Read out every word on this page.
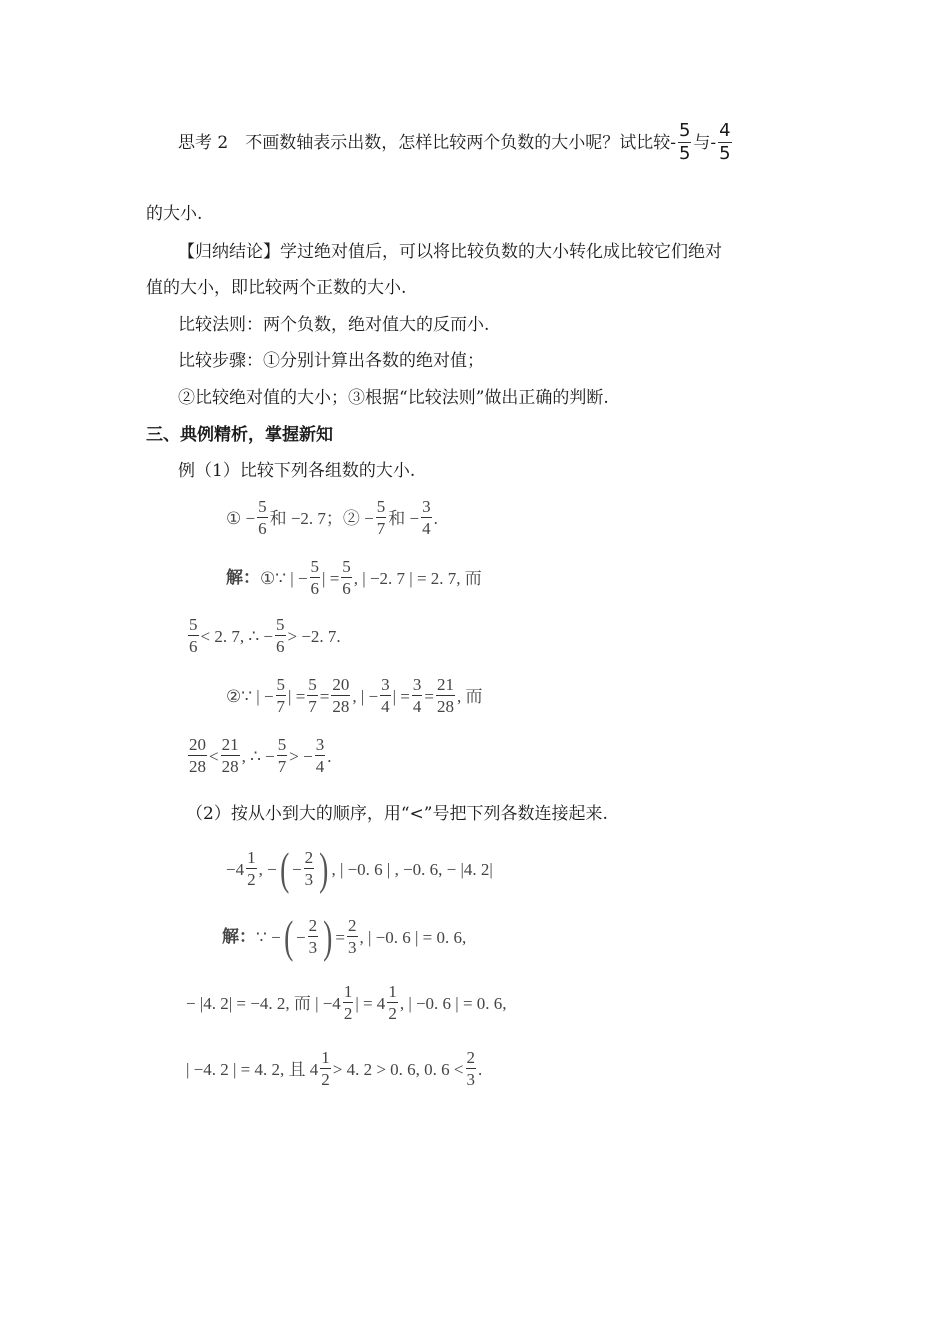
思考 2　不画数轴表示出数，怎样比较两个负数的大小呢？试比较 - $\frac{5}{5}$ 与 - $\frac{4}{5}$
的大小.
【归纳结论】学过绝对值后，可以将比较负数的大小转化成比较它们绝对
值的大小，即比较两个正数的大小.
比较法则：两个负数，绝对值大的反而小.
比较步骤：①分别计算出各数的绝对值；
②比较绝对值的大小；③根据“比较法则”做出正确的判断.
三、典例精析，掌握新知
例（1）比较下列各组数的大小.
① − $\frac{5}{6}$ 和 −2. 7；② − $\frac{5}{7}$ 和 − $\frac{3}{4}$ .
解： ①∵ | − $\frac{5}{6}$ | = $\frac{5}{6}$ , | −2. 7 | = 2. 7, 而
$\frac{5}{6} < 2$. 7, ∴ − $\frac{5}{6} > -2$. 7.
②∵ | − $\frac{5}{7}$ | = $\frac{5}{7} = \frac{20}{28}$ , | − $\frac{3}{4}$ | = $\frac{3}{4} = \frac{21}{28}$ , 而
$\frac{20}{28} < \frac{21}{28}$ , ∴ − $\frac{5}{7}$ > − $\frac{3}{4}$ .
（2）按从小到大的顺序，用“<”号把下列各数连接起来.
$-4 \frac{1}{2}$ , − ( − $\frac{2}{3}$ ) , | −0. 6 | , −0. 6, − |4. 2|
解： ∵ − ( − $\frac{2}{3}$ ) = $\frac{2}{3}$ , | −0. 6 | = 0. 6,
− |4. 2| = −4. 2, 而 | $-4 \frac{1}{2}$ | = $4 \frac{1}{2}$ , | −0. 6 | = 0. 6,
| −4. 2 | = 4. 2, 且 $4 \frac{1}{2} > 4$. 2 > 0. 6, 0. $6 < \frac{2}{3}$ .
